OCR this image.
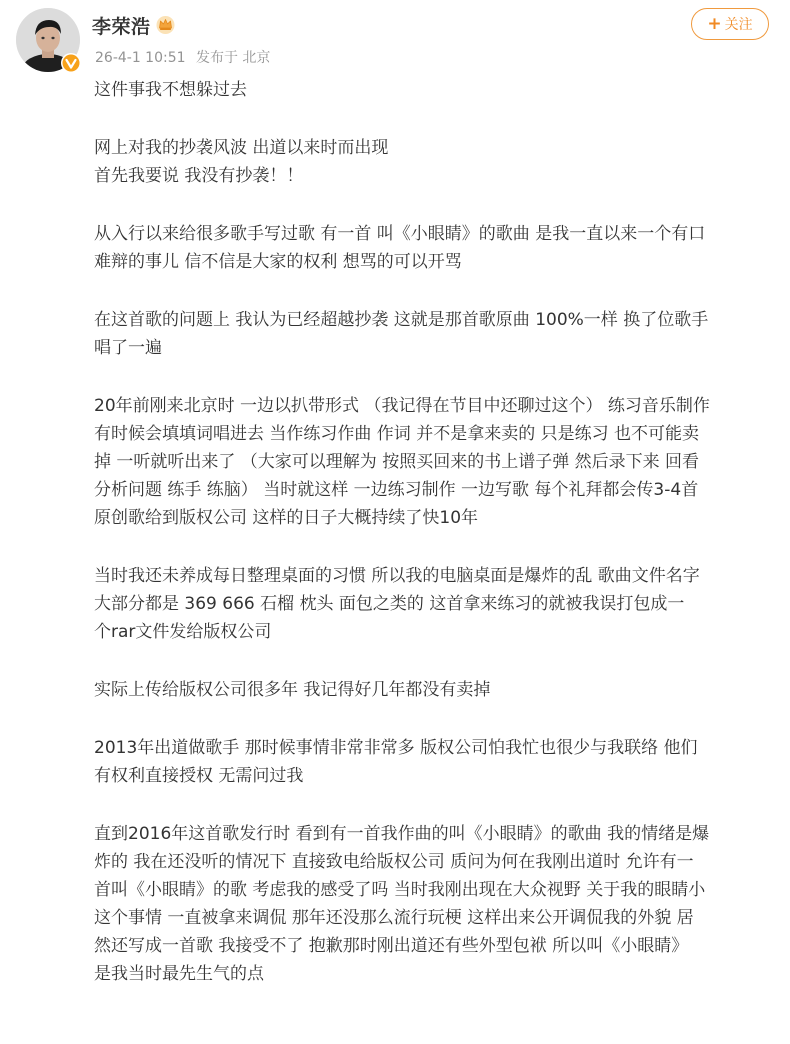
李荣浩
26-4-1 10:51 发布于 北京
+ 关注
这件事我不想躲过去
网上对我的抄袭风波 出道以来时而出现
首先我要说 我没有抄袭！！
从入行以来给很多歌手写过歌 有一首 叫《小眼睛》的歌曲 是我一直以来一个有口
难辩的事儿 信不信是大家的权利 想骂的可以开骂
在这首歌的问题上 我认为已经超越抄袭 这就是那首歌原曲 100%一样 换了位歌手
唱了一遍
20年前刚来北京时 一边以扒带形式 （我记得在节目中还聊过这个） 练习音乐制作
有时候会填填词唱进去 当作练习作曲 作词 并不是拿来卖的 只是练习 也不可能卖
掉 一听就听出来了 （大家可以理解为 按照买回来的书上谱子弹 然后录下来 回看
分析问题 练手 练脑） 当时就这样 一边练习制作 一边写歌 每个礼拜都会传3-4首
原创歌给到版权公司 这样的日子大概持续了快10年
当时我还未养成每日整理桌面的习惯 所以我的电脑桌面是爆炸的乱 歌曲文件名字
大部分都是 369 666 石榴 枕头 面包之类的 这首拿来练习的就被我误打包成一
个rar文件发给版权公司
实际上传给版权公司很多年 我记得好几年都没有卖掉
2013年出道做歌手 那时候事情非常非常多 版权公司怕我忙也很少与我联络 他们
有权利直接授权 无需问过我
直到2016年这首歌发行时 看到有一首我作曲的叫《小眼睛》的歌曲 我的情绪是爆
炸的 我在还没听的情况下 直接致电给版权公司 质问为何在我刚出道时 允许有一
首叫《小眼睛》的歌 考虑我的感受了吗 当时我刚出现在大众视野 关于我的眼睛小
这个事情 一直被拿来调侃 那年还没那么流行玩梗 这样出来公开调侃我的外貌 居
然还写成一首歌 我接受不了 抱歉那时刚出道还有些外型包袱 所以叫《小眼睛》
是我当时最先生气的点
